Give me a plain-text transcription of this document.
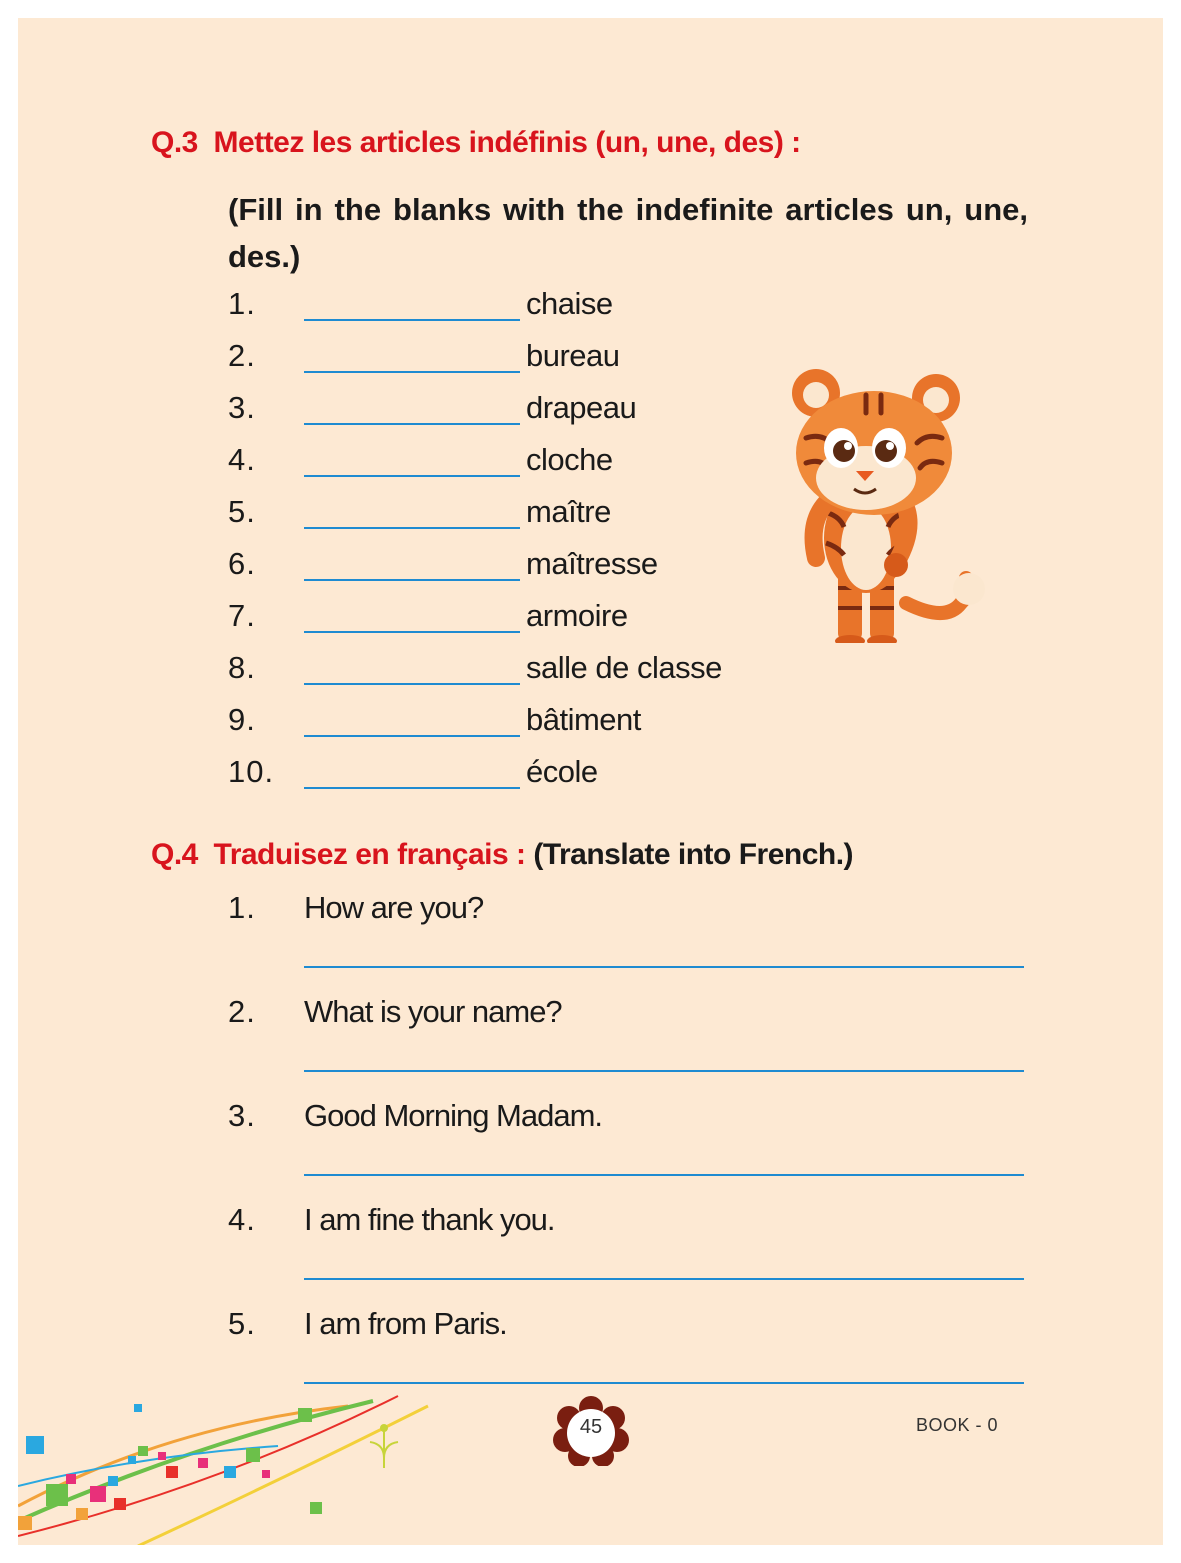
Q.3 Mettez les articles indéfinis (un, une, des) :
(Fill in the blanks with the indefinite articles un, une, des.)
1.	chaise
2.	bureau
3.	drapeau
4.	cloche
5.	maître
6.	maîtresse
7.	armoire
8.	salle de classe
9.	bâtiment
10.	école
Q.4 Traduisez en français : (Translate into French.)
1. How are you?
2. What is your name?
3. Good Morning Madam.
4. I am fine thank you.
5. I am from Paris.
45	BOOK - 0
